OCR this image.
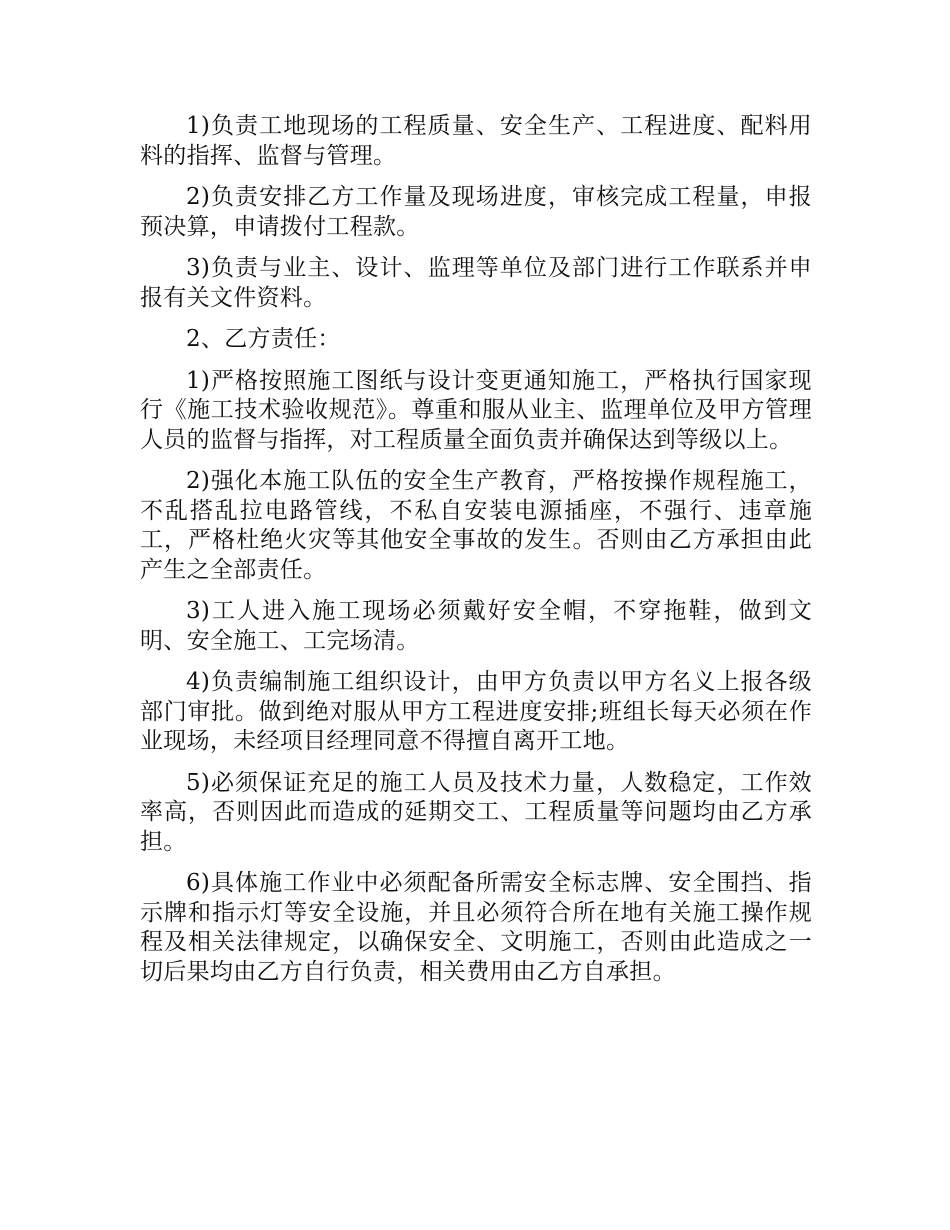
1)负责工地现场的工程质量、安全生产、工程进度、配料用料的指挥、监督与管理。

2)负责安排乙方工作量及现场进度，审核完成工程量，申报预决算，申请拨付工程款。

3)负责与业主、设计、监理等单位及部门进行工作联系并申报有关文件资料。

2、乙方责任：

1)严格按照施工图纸与设计变更通知施工，严格执行国家现行《施工技术验收规范》。尊重和服从业主、监理单位及甲方管理人员的监督与指挥，对工程质量全面负责并确保达到等级以上。

2)强化本施工队伍的安全生产教育，严格按操作规程施工，不乱搭乱拉电路管线，不私自安装电源插座，不强行、违章施工，严格杜绝火灾等其他安全事故的发生。否则由乙方承担由此产生之全部责任。

3)工人进入施工现场必须戴好安全帽，不穿拖鞋，做到文明、安全施工、工完场清。

4)负责编制施工组织设计，由甲方负责以甲方名义上报各级部门审批。做到绝对服从甲方工程进度安排;班组长每天必须在作业现场，未经项目经理同意不得擅自离开工地。

5)必须保证充足的施工人员及技术力量，人数稳定，工作效率高，否则因此而造成的延期交工、工程质量等问题均由乙方承担。

6)具体施工作业中必须配备所需安全标志牌、安全围挡、指示牌和指示灯等安全设施，并且必须符合所在地有关施工操作规程及相关法律规定，以确保安全、文明施工，否则由此造成之一切后果均由乙方自行负责，相关费用由乙方自承担。
